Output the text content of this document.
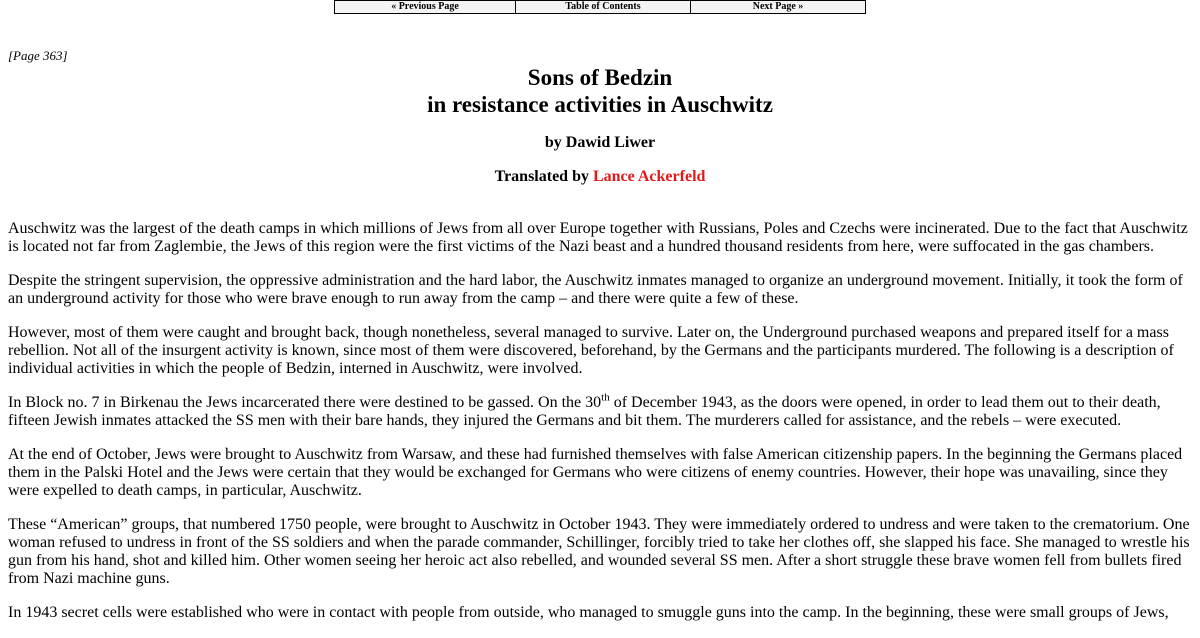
« Previous Page	Table of Contents	Next Page »
[Page 363]
Sons of Bedzin
in resistance activities in Auschwitz
by Dawid Liwer
Translated by Lance Ackerfeld

Auschwitz was the largest of the death camps in which millions of Jews from all over Europe together with Russians, Poles and Czechs were incinerated. Due to the fact that Auschwitz is located not far from Zaglembie, the Jews of this region were the first victims of the Nazi beast and a hundred thousand residents from here, were suffocated in the gas chambers.

Despite the stringent supervision, the oppressive administration and the hard labor, the Auschwitz inmates managed to organize an underground movement. Initially, it took the form of an underground activity for those who were brave enough to run away from the camp – and there were quite a few of these.

However, most of them were caught and brought back, though nonetheless, several managed to survive. Later on, the Underground purchased weapons and prepared itself for a mass rebellion. Not all of the insurgent activity is known, since most of them were discovered, beforehand, by the Germans and the participants murdered. The following is a description of individual activities in which the people of Bedzin, interned in Auschwitz, were involved.

In Block no. 7 in Birkenau the Jews incarcerated there were destined to be gassed. On the 30th of December 1943, as the doors were opened, in order to lead them out to their death, fifteen Jewish inmates attacked the SS men with their bare hands, they injured the Germans and bit them. The murderers called for assistance, and the rebels – were executed.

At the end of October, Jews were brought to Auschwitz from Warsaw, and these had furnished themselves with false American citizenship papers. In the beginning the Germans placed them in the Palski Hotel and the Jews were certain that they would be exchanged for Germans who were citizens of enemy countries. However, their hope was unavailing, since they were expelled to death camps, in particular, Auschwitz.

These “American” groups, that numbered 1750 people, were brought to Auschwitz in October 1943. They were immediately ordered to undress and were taken to the crematorium. One woman refused to undress in front of the SS soldiers and when the parade commander, Schillinger, forcibly tried to take her clothes off, she slapped his face. She managed to wrestle his gun from his hand, shot and killed him. Other women seeing her heroic act also rebelled, and wounded several SS men. After a short struggle these brave women fell from bullets fired from Nazi machine guns.

In 1943 secret cells were established who were in contact with people from outside, who managed to smuggle guns into the camp. In the beginning, these were small groups of Jews,
